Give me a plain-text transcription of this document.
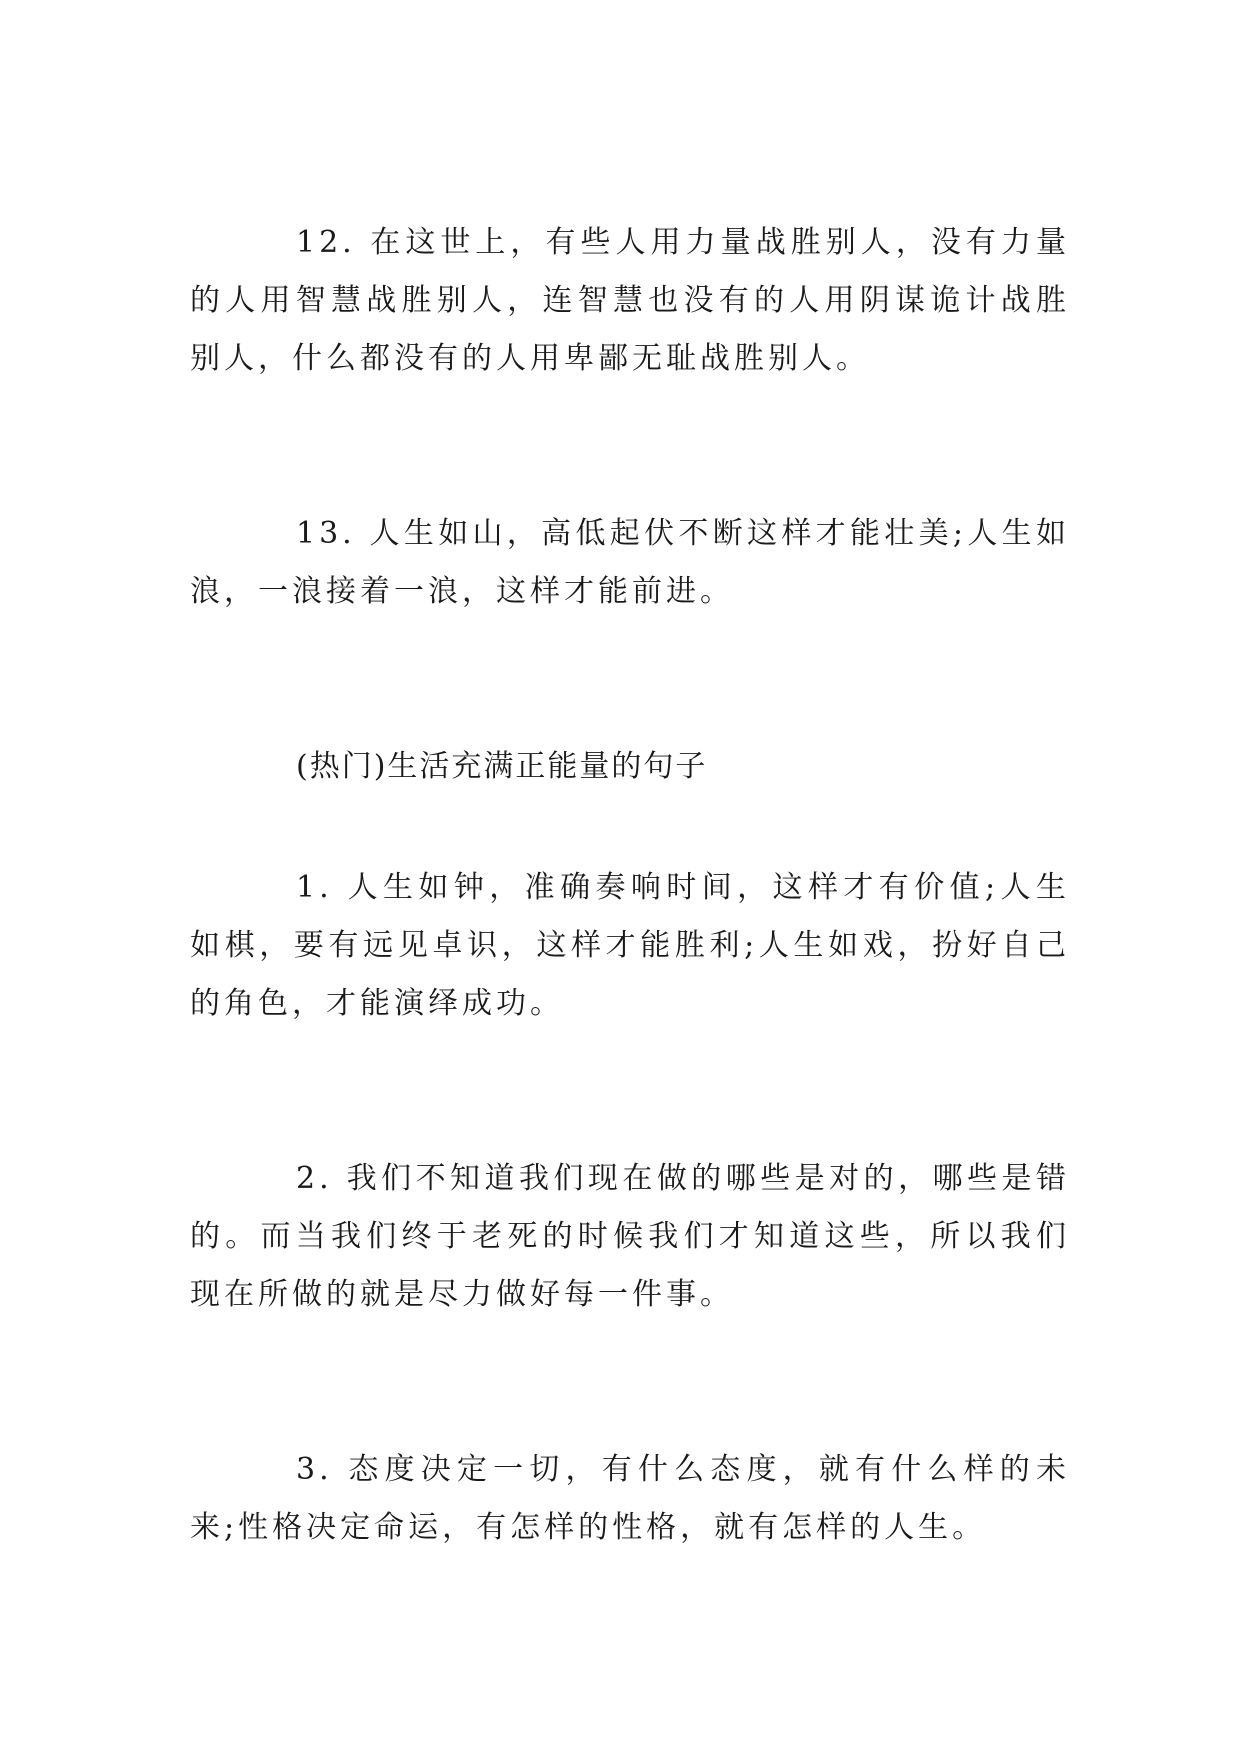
12. 在这世上，有些人用力量战胜别人，没有力量的人用智慧战胜别人，连智慧也没有的人用阴谋诡计战胜别人，什么都没有的人用卑鄙无耻战胜别人。

13. 人生如山，高低起伏不断这样才能壮美;人生如浪，一浪接着一浪，这样才能前进。

(热门)生活充满正能量的句子

1. 人生如钟，准确奏响时间，这样才有价值;人生如棋，要有远见卓识，这样才能胜利;人生如戏，扮好自己的角色，才能演绎成功。

2. 我们不知道我们现在做的哪些是对的，哪些是错的。而当我们终于老死的时候我们才知道这些，所以我们现在所做的就是尽力做好每一件事。

3. 态度决定一切，有什么态度，就有什么样的未来;性格决定命运，有怎样的性格，就有怎样的人生。
